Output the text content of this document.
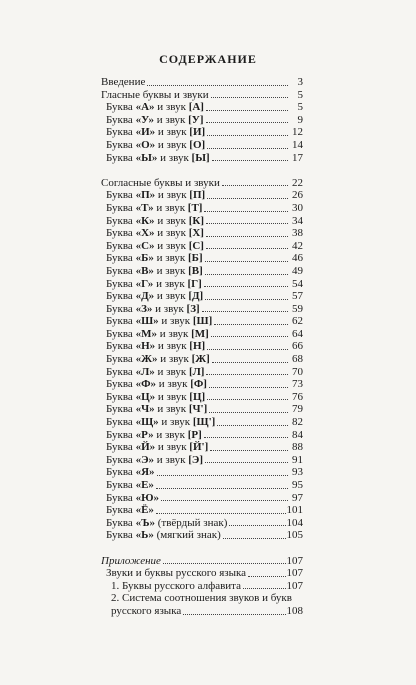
СОДЕРЖАНИЕ
Введение	3
Гласные буквы и звуки	5
Буква «А» и звук [А]	5
Буква «У» и звук [У]	9
Буква «И» и звук [И]	12
Буква «О» и звук [О]	14
Буква «Ы» и звук [Ы]	17
Согласные буквы и звуки	22
Буква «П» и звук [П]	26
Буква «Т» и звук [Т]	30
Буква «К» и звук [К]	34
Буква «Х» и звук [Х]	38
Буква «С» и звук [С]	42
Буква «Б» и звук [Б]	46
Буква «В» и звук [В]	49
Буква «Г» и звук [Г]	54
Буква «Д» и звук [Д]	57
Буква «З» и звук [З]	59
Буква «Ш» и звук [Ш]	62
Буква «М» и звук [М]	64
Буква «Н» и звук [Н]	66
Буква «Ж» и звук [Ж]	68
Буква «Л» и звук [Л]	70
Буква «Ф» и звук [Ф]	73
Буква «Ц» и звук [Ц]	76
Буква «Ч» и звук [Ч']	79
Буква «Щ» и звук [Щ']	82
Буква «Р» и звук [Р]	84
Буква «Й» и звук [Й']	88
Буква «Э» и звук [Э]	91
Буква «Я»	93
Буква «Е»	95
Буква «Ю»	97
Буква «Ё»	101
Буква «Ъ» (твёрдый знак)	104
Буква «Ь» (мягкий знак)	105
Приложение	107
Звуки и буквы русского языка	107
1. Буквы русского алфавита	107
2. Система соотношения звуков и букв
русского языка	108
